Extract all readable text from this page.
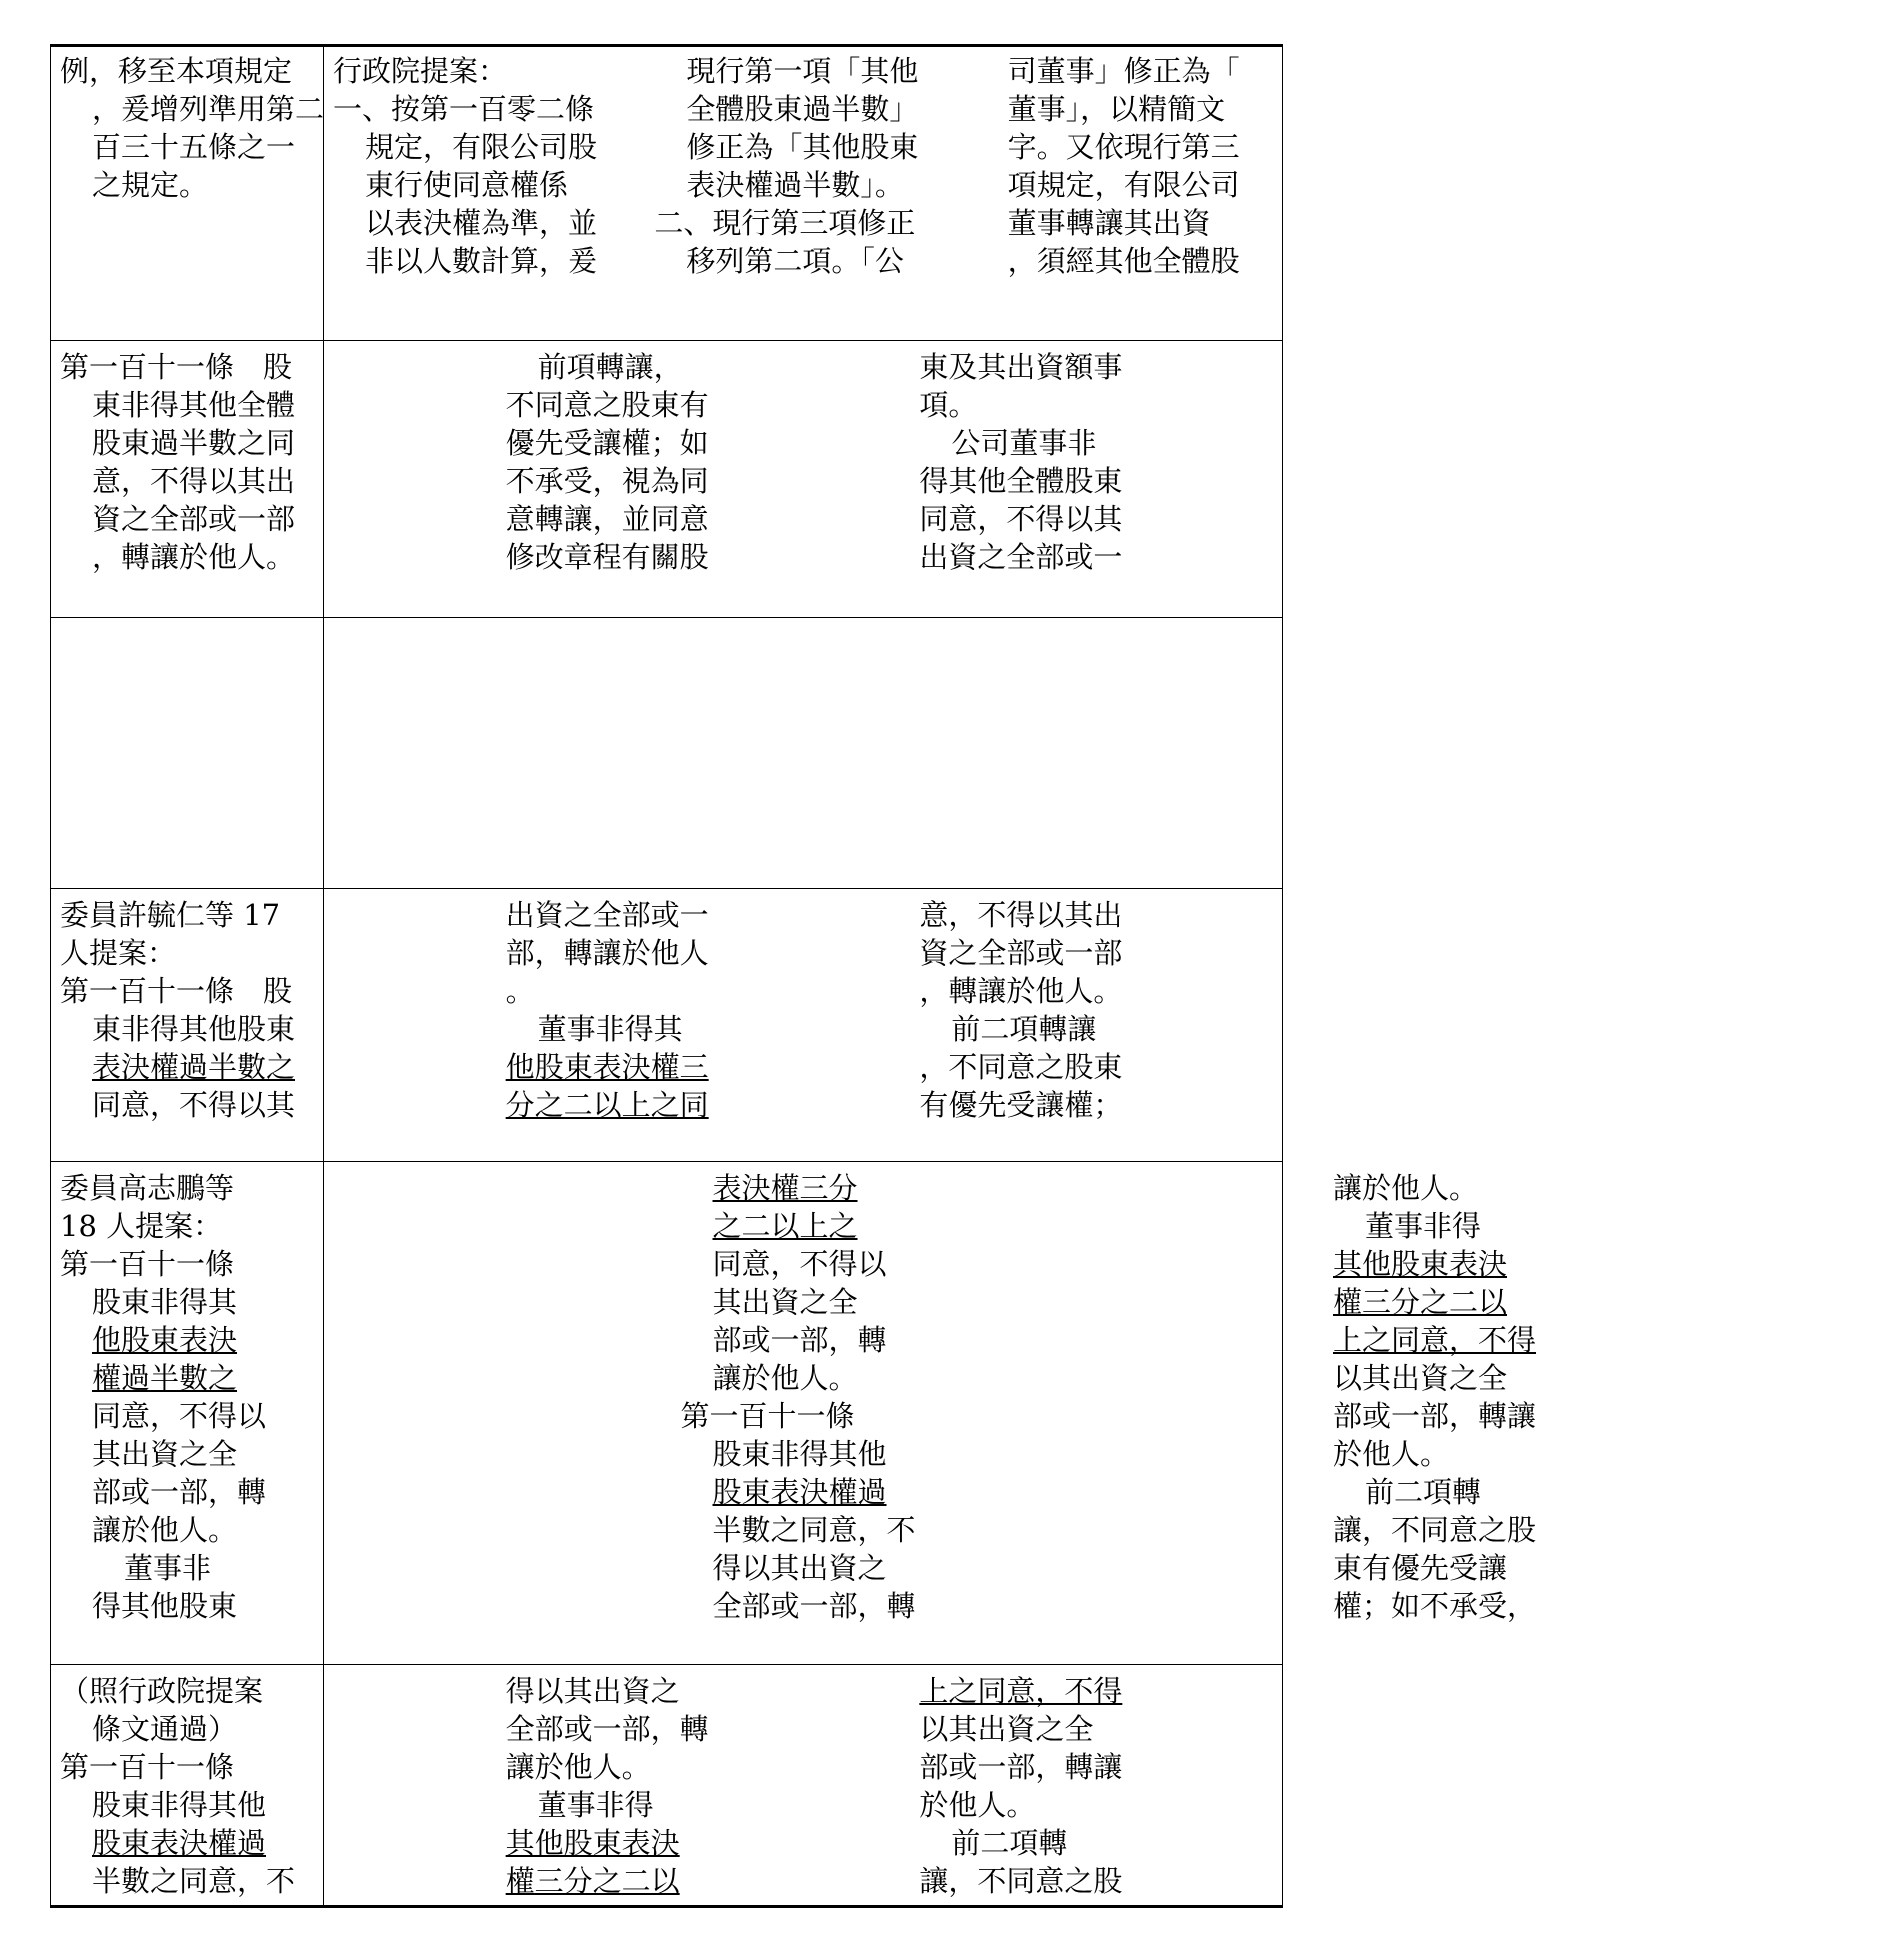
例，移至本項規定
，爰增列準用第二
百三十五條之一
之規定。
行政院提案：
一、按第一百零二條
規定，有限公司股
東行使同意權係
以表決權為準，並
非以人數計算，爰
現行第一項「其他
全體股東過半數」
修正為「其他股東
表決權過半數」。
二、現行第三項修正
移列第二項。「公
司董事」修正為「
董事」，以精簡文
字。又依現行第三
項規定，有限公司
董事轉讓其出資
，須經其他全體股
第一百十一條　股
東非得其他全體
股東過半數之同
意，不得以其出
資之全部或一部
，轉讓於他人。
前項轉讓，
不同意之股東有
優先受讓權；如
不承受，視為同
意轉讓，並同意
修改章程有關股
東及其出資額事
項。
公司董事非
得其他全體股東
同意，不得以其
出資之全部或一
委員許毓仁等 17
人提案：
第一百十一條　股
東非得其他股東
表決權過半數之
同意，不得以其
出資之全部或一
部，轉讓於他人
。
董事非得其
他股東表決權三
分之二以上之同
意，不得以其出
資之全部或一部
，轉讓於他人。
前二項轉讓
，不同意之股東
有優先受讓權；
委員高志鵬等
18 人提案：
第一百十一條
股東非得其
他股東表決
權過半數之
同意，不得以
其出資之全
部或一部，轉
讓於他人。
董事非
得其他股東
表決權三分
之二以上之
同意，不得以
其出資之全
部或一部，轉
讓於他人。
第一百十一條
股東非得其他
股東表決權過
半數之同意，不
得以其出資之
全部或一部，轉
讓於他人。
董事非得
其他股東表決
權三分之二以
上之同意，不得
以其出資之全
部或一部，轉讓
於他人。
前二項轉
讓，不同意之股
東有優先受讓
權；如不承受，
（照行政院提案
條文通過）
第一百十一條
股東非得其他
股東表決權過
半數之同意，不
得以其出資之
全部或一部，轉
讓於他人。
董事非得
其他股東表決
權三分之二以
上之同意，不得
以其出資之全
部或一部，轉讓
於他人。
前二項轉
讓，不同意之股
